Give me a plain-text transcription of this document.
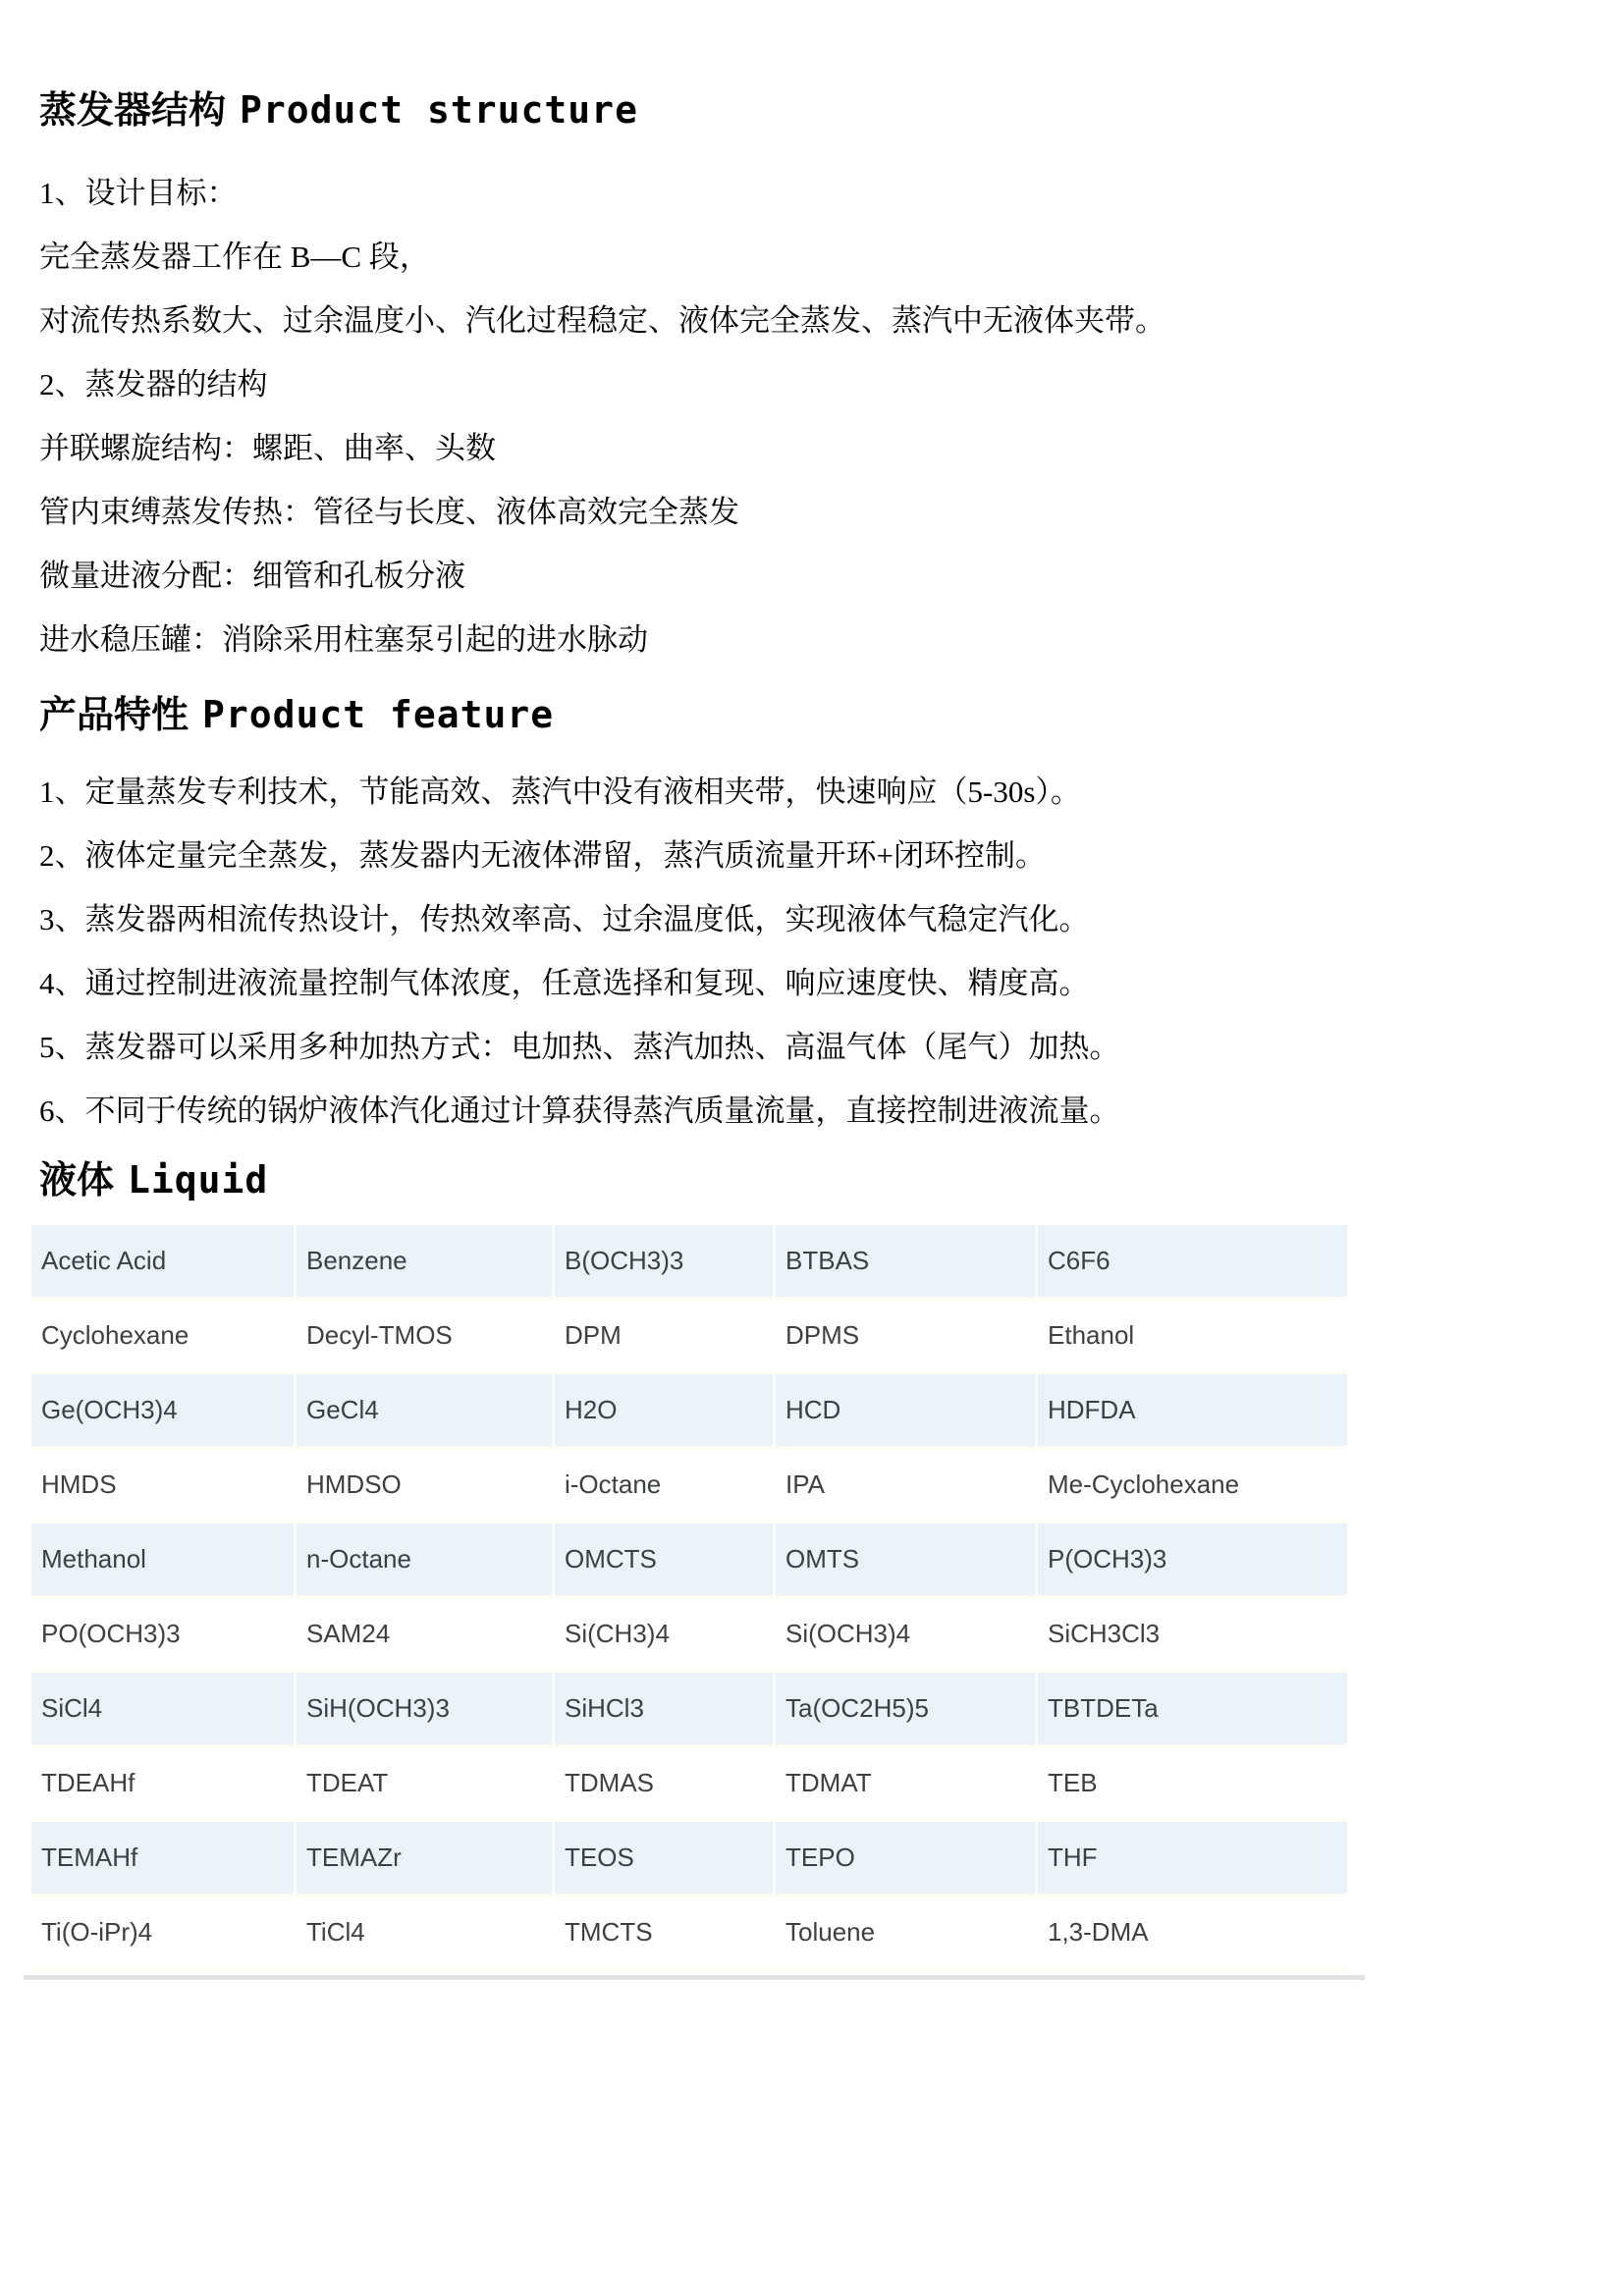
蒸发器结构 Product structure

1、设计目标：

完全蒸发器工作在 B—C 段，

对流传热系数大、过余温度小、汽化过程稳定、液体完全蒸发、蒸汽中无液体夹带。

2、蒸发器的结构

并联螺旋结构：螺距、曲率、头数

管内束缚蒸发传热：管径与长度、液体高效完全蒸发

微量进液分配：细管和孔板分液

进水稳压罐：消除采用柱塞泵引起的进水脉动

产品特性 Product feature

1、定量蒸发专利技术，节能高效、蒸汽中没有液相夹带，快速响应（5-30s）。

2、液体定量完全蒸发，蒸发器内无液体滞留，蒸汽质流量开环+闭环控制。

3、蒸发器两相流传热设计，传热效率高、过余温度低，实现液体气稳定汽化。

4、通过控制进液流量控制气体浓度，任意选择和复现、响应速度快、精度高。

5、蒸发器可以采用多种加热方式：电加热、蒸汽加热、高温气体（尾气）加热。

6、不同于传统的锅炉液体汽化通过计算获得蒸汽质量流量，直接控制进液流量。

液体 Liquid
Acetic Acid	Benzene	B(OCH3)3	BTBAS	C6F6
Cyclohexane	Decyl-TMOS	DPM	DPMS	Ethanol
Ge(OCH3)4	GeCl4	H2O	HCD	HDFDA
HMDS	HMDSO	i-Octane	IPA	Me-Cyclohexane
Methanol	n-Octane	OMCTS	OMTS	P(OCH3)3
PO(OCH3)3	SAM24	Si(CH3)4	Si(OCH3)4	SiCH3Cl3
SiCl4	SiH(OCH3)3	SiHCl3	Ta(OC2H5)5	TBTDETa
TDEAHf	TDEAT	TDMAS	TDMAT	TEB
TEMAHf	TEMAZr	TEOS	TEPO	THF
Ti(O-iPr)4	TiCl4	TMCTS	Toluene	1,3-DMA
